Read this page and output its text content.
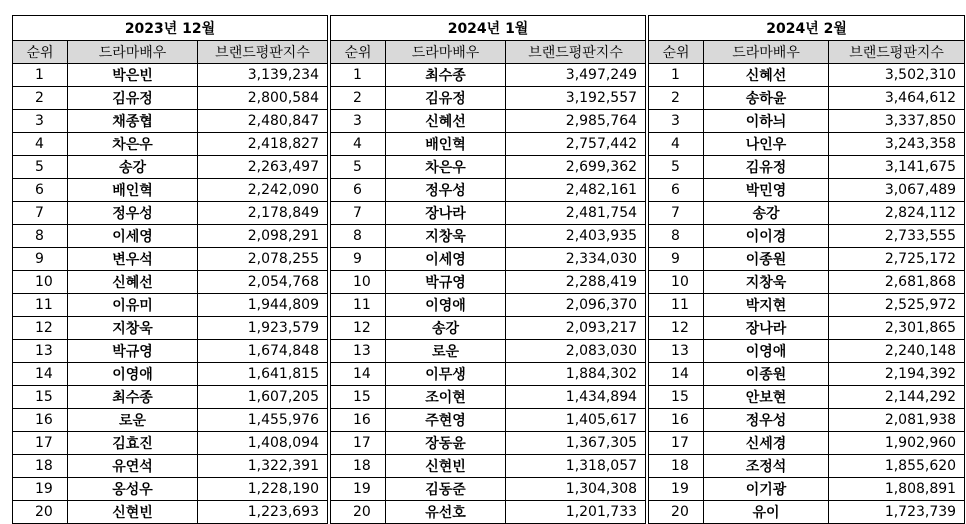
2023년 12월		
순위	드라마배우	브랜드평판지수
1	박은빈	3,139,234
2	김유정	2,800,584
3	채종협	2,480,847
4	차은우	2,418,827
5	송강	2,263,497
6	배인혁	2,242,090
7	정우성	2,178,849
8	이세영	2,098,291
9	변우석	2,078,255
10	신혜선	2,054,768
11	이유미	1,944,809
12	지창욱	1,923,579
13	박규영	1,674,848
14	이영애	1,641,815
15	최수종	1,607,205
16	로운	1,455,976
17	김효진	1,408,094
18	유연석	1,322,391
19	옹성우	1,228,190
20	신현빈	1,223,693
2024년 1월		
순위	드라마배우	브랜드평판지수
1	최수종	3,497,249
2	김유정	3,192,557
3	신혜선	2,985,764
4	배인혁	2,757,442
5	차은우	2,699,362
6	정우성	2,482,161
7	장나라	2,481,754
8	지창욱	2,403,935
9	이세영	2,334,030
10	박규영	2,288,419
11	이영애	2,096,370
12	송강	2,093,217
13	로운	2,083,030
14	이무생	1,884,302
15	조이현	1,434,894
16	주현영	1,405,617
17	장동윤	1,367,305
18	신현빈	1,318,057
19	김동준	1,304,308
20	유선호	1,201,733
2024년 2월		
순위	드라마배우	브랜드평판지수
1	신혜선	3,502,310
2	송하윤	3,464,612
3	이하늬	3,337,850
4	나인우	3,243,358
5	김유정	3,141,675
6	박민영	3,067,489
7	송강	2,824,112
8	이이경	2,733,555
9	이종원	2,725,172
10	지창욱	2,681,868
11	박지현	2,525,972
12	장나라	2,301,865
13	이영애	2,240,148
14	이종원	2,194,392
15	안보현	2,144,292
16	정우성	2,081,938
17	신세경	1,902,960
18	조정석	1,855,620
19	이기광	1,808,891
20	유이	1,723,739
